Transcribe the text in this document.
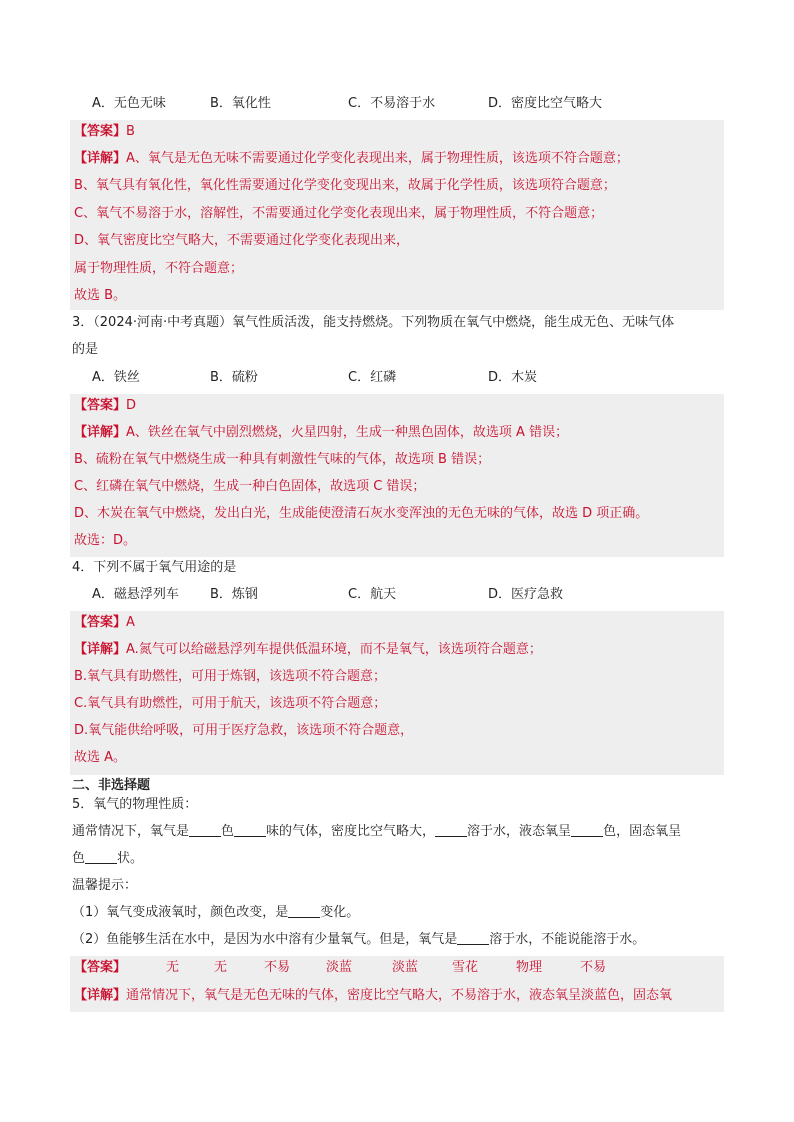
A．无色无味	B．氧化性	C．不易溶于水	D．密度比空气略大
【答案】B
【详解】A、氧气是无色无味不需要通过化学变化表现出来，属于物理性质，该选项不符合题意；
B、氧气具有氧化性，氧化性需要通过化学变化变现出来，故属于化学性质，该选项符合题意；
C、氧气不易溶于水，溶解性，不需要通过化学变化表现出来，属于物理性质，不符合题意；
D、氧气密度比空气略大，不需要通过化学变化表现出来，
属于物理性质，不符合题意；
故选 B。
3．（2024·河南·中考真题）氧气性质活泼，能支持燃烧。下列物质在氧气中燃烧，能生成无色、无味气体
的是
A．铁丝	B．硫粉	C．红磷	D．木炭
【答案】D
【详解】A、铁丝在氧气中剧烈燃烧，火星四射，生成一种黑色固体，故选项 A 错误；
B、硫粉在氧气中燃烧生成一种具有刺激性气味的气体，故选项 B 错误；
C、红磷在氧气中燃烧，生成一种白色固体，故选项 C 错误；
D、木炭在氧气中燃烧，发出白光，生成能使澄清石灰水变浑浊的无色无味的气体，故选 D 项正确。
故选：D。
4．下列不属于氧气用途的是
A．磁悬浮列车 B．炼钢	C．航天	D．医疗急救
【答案】A
【详解】A.氮气可以给磁悬浮列车提供低温环境，而不是氧气，该选项符合题意；
B.氧气具有助燃性，可用于炼钢，该选项不符合题意；
C.氧气具有助燃性，可用于航天，该选项不符合题意；
D.氧气能供给呼吸，可用于医疗急救，该选项不符合题意，
故选 A。
二、非选择题
5．氧气的物理性质：
通常情况下，氧气是 色 味的气体，密度比空气略大， 溶于水，液态氧呈 色，固态氧呈
色 状。
温馨提示：
（1）氧气变成液氧时，颜色改变，是 变化。
（2）鱼能够生活在水中，是因为水中溶有少量氧气。但是，氧气是 溶于水，不能说能溶于水。
【答案】	无	无	不易	淡蓝	淡蓝	雪花	物理	不易
【详解】通常情况下，氧气是无色无味的气体，密度比空气略大，不易溶于水，液态氧呈淡蓝色，固态氧
